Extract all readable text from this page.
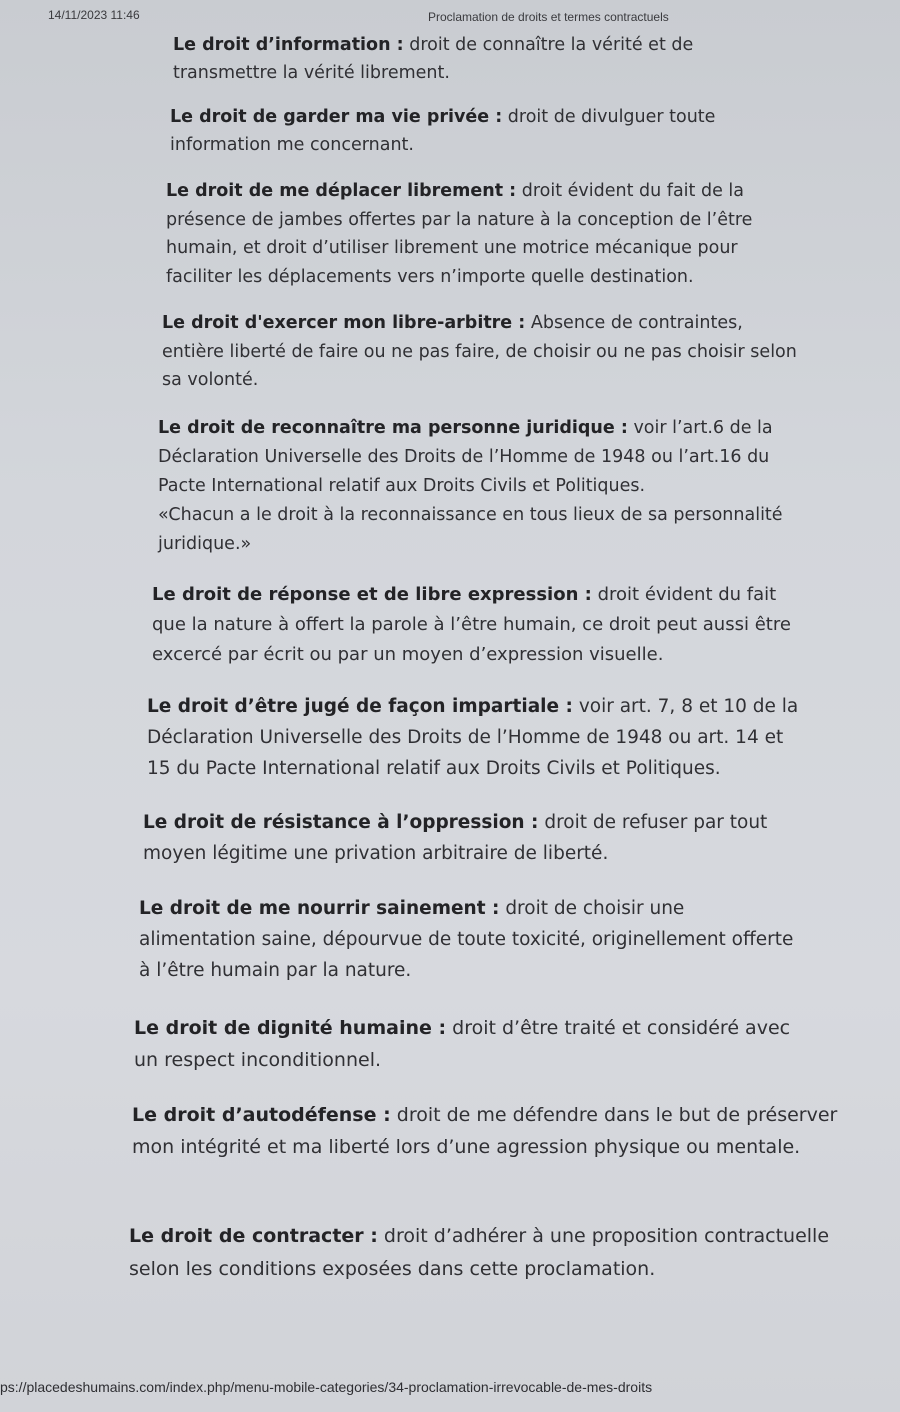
14/11/2023 11:46	Proclamation de droits et termes contractuels

Le droit d’information : droit de connaître la vérité et de transmettre la vérité librement.

Le droit de garder ma vie privée : droit de divulguer toute information me concernant.

Le droit de me déplacer librement : droit évident du fait de la présence de jambes offertes par la nature à la conception de l’être humain, et droit d’utiliser librement une motrice mécanique pour faciliter les déplacements vers n’importe quelle destination.

Le droit d'exercer mon libre-arbitre : Absence de contraintes, entière liberté de faire ou ne pas faire, de choisir ou ne pas choisir selon sa volonté.

Le droit de reconnaître ma personne juridique : voir l’art.6 de la Déclaration Universelle des Droits de l’Homme de 1948 ou l’art.16 du Pacte International relatif aux Droits Civils et Politiques.
«Chacun a le droit à la reconnaissance en tous lieux de sa personnalité juridique.»

Le droit de réponse et de libre expression : droit évident du fait que la nature à offert la parole à l’être humain, ce droit peut aussi être excercé par écrit ou par un moyen d’expression visuelle.

Le droit d’être jugé de façon impartiale : voir art. 7, 8 et 10 de la Déclaration Universelle des Droits de l’Homme de 1948 ou art. 14 et 15 du Pacte International relatif aux Droits Civils et Politiques.

Le droit de résistance à l’oppression : droit de refuser par tout moyen légitime une privation arbitraire de liberté.

Le droit de me nourrir sainement : droit de choisir une alimentation saine, dépourvue de toute toxicité, originellement offerte à l’être humain par la nature.

Le droit de dignité humaine : droit d’être traité et considéré avec un respect inconditionnel.

Le droit d’autodéfense : droit de me défendre dans le but de préserver mon intégrité et ma liberté lors d’une agression physique ou mentale.

Le droit de contracter : droit d’adhérer à une proposition contractuelle selon les conditions exposées dans cette proclamation.

ps://placedeshumains.com/index.php/menu-mobile-categories/34-proclamation-irrevocable-de-mes-droits
